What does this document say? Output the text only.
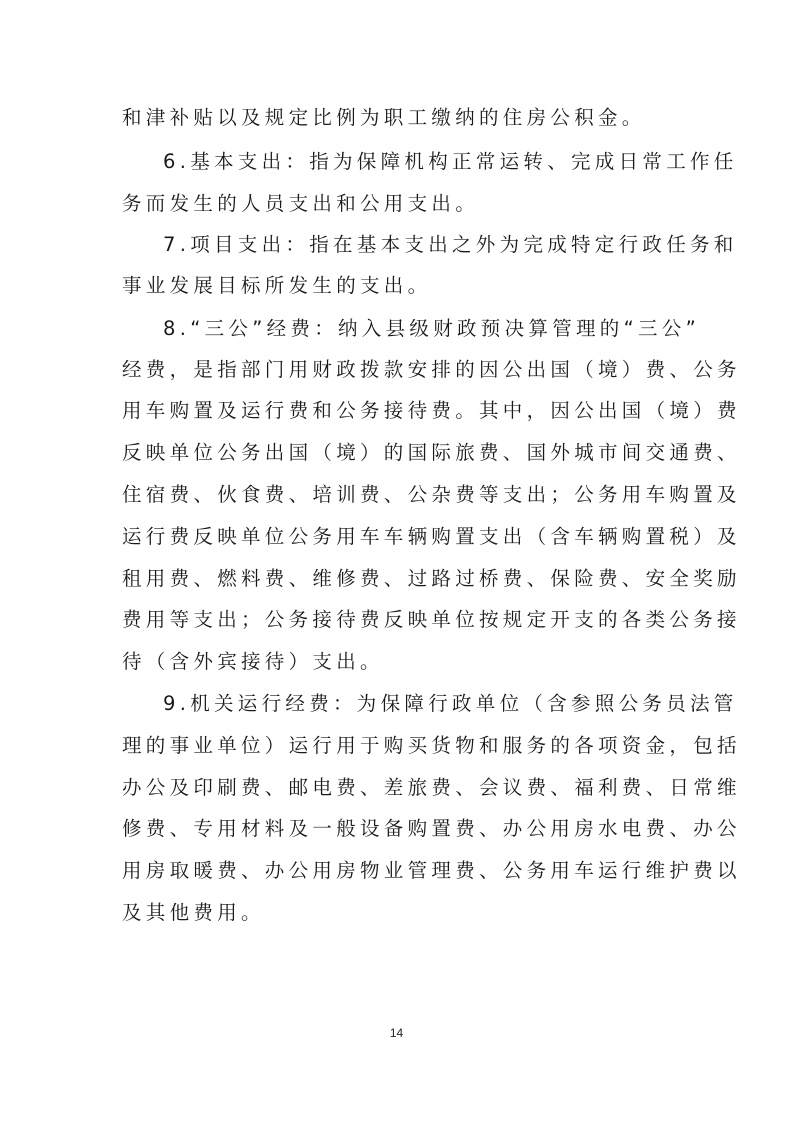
和津补贴以及规定比例为职工缴纳的住房公积金。

6.基本支出：指为保障机构正常运转、完成日常工作任

务而发生的人员支出和公用支出。

7.项目支出：指在基本支出之外为完成特定行政任务和

事业发展目标所发生的支出。

8.“三公”经费：纳入县级财政预决算管理的“三公”

经费，是指部门用财政拨款安排的因公出国（境）费、公务

用车购置及运行费和公务接待费。其中，因公出国（境）费

反映单位公务出国（境）的国际旅费、国外城市间交通费、

住宿费、伙食费、培训费、公杂费等支出；公务用车购置及

运行费反映单位公务用车车辆购置支出（含车辆购置税）及

租用费、燃料费、维修费、过路过桥费、保险费、安全奖励

费用等支出；公务接待费反映单位按规定开支的各类公务接

待（含外宾接待）支出。

9.机关运行经费：为保障行政单位（含参照公务员法管

理的事业单位）运行用于购买货物和服务的各项资金，包括

办公及印刷费、邮电费、差旅费、会议费、福利费、日常维

修费、专用材料及一般设备购置费、办公用房水电费、办公

用房取暖费、办公用房物业管理费、公务用车运行维护费以

及其他费用。

14
